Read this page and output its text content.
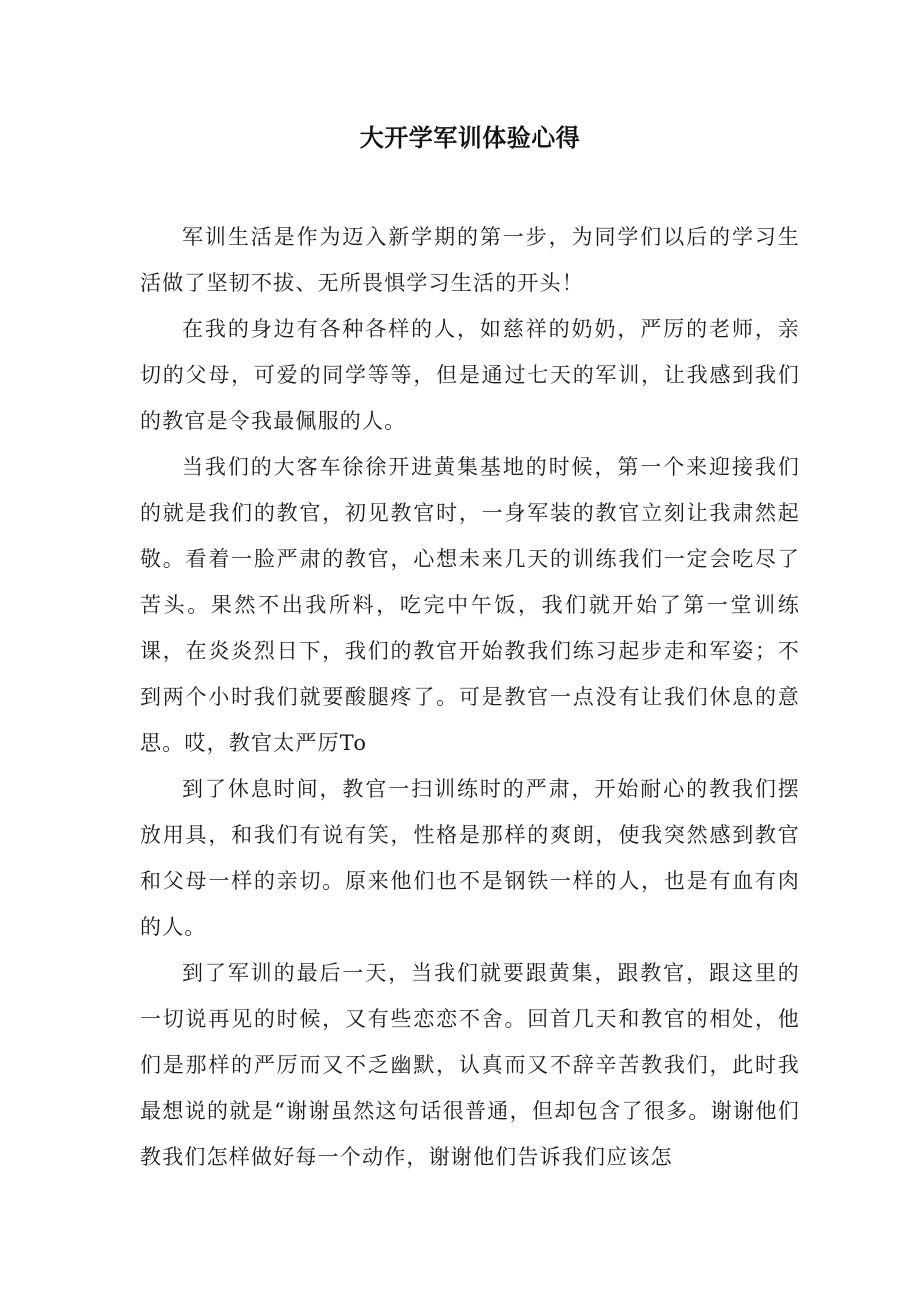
大开学军训体验心得

军训生活是作为迈入新学期的第一步，为同学们以后的学习生活做了坚韧不拔、无所畏惧学习生活的开头！

在我的身边有各种各样的人，如慈祥的奶奶，严厉的老师，亲切的父母，可爱的同学等等，但是通过七天的军训，让我感到我们的教官是令我最佩服的人。

当我们的大客车徐徐开进黄集基地的时候，第一个来迎接我们的就是我们的教官，初见教官时，一身军装的教官立刻让我肃然起敬。看着一脸严肃的教官，心想未来几天的训练我们一定会吃尽了苦头。果然不出我所料，吃完中午饭，我们就开始了第一堂训练课，在炎炎烈日下，我们的教官开始教我们练习起步走和军姿；不到两个小时我们就要酸腿疼了。可是教官一点没有让我们休息的意思。哎，教官太严厉To

到了休息时间，教官一扫训练时的严肃，开始耐心的教我们摆放用具，和我们有说有笑，性格是那样的爽朗，使我突然感到教官和父母一样的亲切。原来他们也不是钢铁一样的人，也是有血有肉的人。

到了军训的最后一天，当我们就要跟黄集，跟教官，跟这里的一切说再见的时候，又有些恋恋不舍。回首几天和教官的相处，他们是那样的严厉而又不乏幽默，认真而又不辞辛苦教我们，此时我最想说的就是“谢谢虽然这句话很普通，但却包含了很多。谢谢他们教我们怎样做好每一个动作，谢谢他们告诉我们应该怎
